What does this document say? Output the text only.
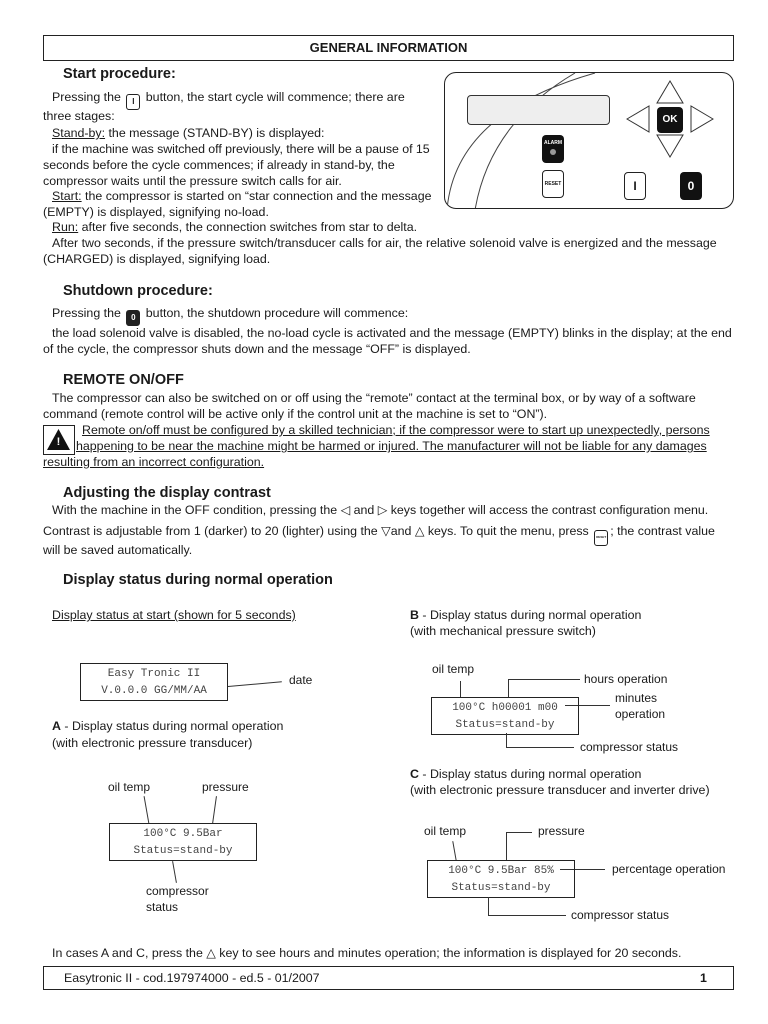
GENERAL INFORMATION
Start procedure:
Pressing the I button, the start cycle will commence; there are
three stages:
Stand-by: the message (STAND-BY) is displayed:
if the machine was switched off previously, there will be a pause of 15
seconds before the cycle commences; if already in stand-by, the
compressor waits until the pressure switch calls for air.
Start: the compressor is started on “star connection and the message
(EMPTY) is displayed, signifying no-load.
Run: after five seconds, the connection switches from star to delta.
After two seconds, if the pressure switch/transducer calls for air, the relative solenoid valve is energized and the message
(CHARGED) is displayed, signifying load.
OK
ALARM
RESET	I	0
Shutdown procedure:
Pressing the 0 button, the shutdown procedure will commence:
the load solenoid valve is disabled, the no-load cycle is activated and the message (EMPTY) blinks in the display; at the end
of the cycle, the compressor shuts down and the message “OFF” is displayed.
REMOTE ON/OFF
The compressor can also be switched on or off using the “remote” contact at the terminal box, or by way of a software
command (remote control will be active only if the control unit at the machine is set to “ON”).
!
Remote on/off must be configured by a skilled technician; if the compressor were to start up unexpectedly, persons
happening to be near the machine might be harmed or injured. The manufacturer will not be liable for any damages
resulting from an incorrect configuration.
Adjusting the display contrast
With the machine in the OFF condition, pressing the ◁ and ▷ keys together will access the contrast configuration menu.
Contrast is adjustable from 1 (darker) to 20 (lighter) using the ▽and △ keys. To quit the menu, press RESET ; the contrast value
will be saved automatically.
Display status during normal operation
Display status at start (shown for 5 seconds)
Easy Tronic II
V.0.0.0 GG/MM/AA
date
A - Display status during normal operation
(with electronic pressure transducer)
oil temp	pressure
100°C 9.5Bar
Status=stand-by
compressor
status
B - Display status during normal operation
(with mechanical pressure switch)
oil temp
hours operation
minutes
operation
100°C h00001 m00
Status=stand-by
compressor status
C - Display status during normal operation
(with electronic pressure transducer and inverter drive)
oil temp	pressure
percentage operation
100°C 9.5Bar 85%
Status=stand-by
compressor status
In cases A and C, press the △ key to see hours and minutes operation; the information is displayed for 20 seconds.
Easytronic II - cod.197974000 - ed.5 - 01/2007	1
